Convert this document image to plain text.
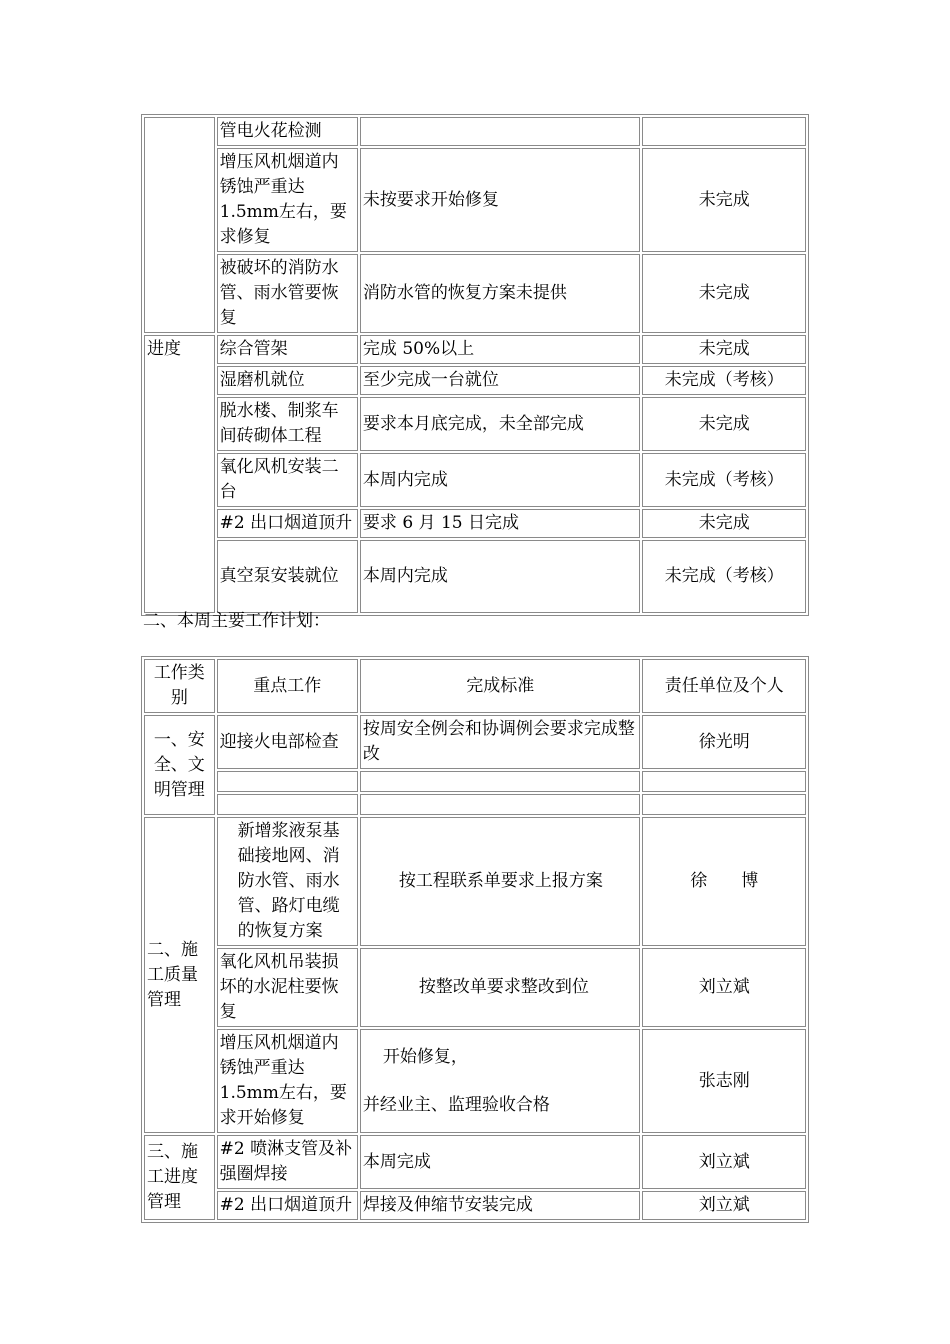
	管电火花检测		
	增压风机烟道内锈蚀严重达1.5mm左右，要求修复	未按要求开始修复	未完成
	被破坏的消防水管、雨水管要恢复	消防水管的恢复方案未提供	未完成
进度	综合管架	完成 50%以上	未完成
	湿磨机就位	至少完成一台就位	未完成（考核）
	脱水楼、制浆车间砖砌体工程	要求本月底完成，未全部完成	未完成
	氧化风机安装二台	本周内完成	未完成（考核）
	#2 出口烟道顶升	要求 6 月 15 日完成	未完成
	真空泵安装就位	本周内完成	未完成（考核）
二、本周主要工作计划：
工作类别	重点工作	完成标准	责任单位及个人
一、安全、文明管理	迎接火电部检查	按周安全例会和协调例会要求完成整改	徐光明

二、施工质量管理	新增浆液泵基础接地网、消防水管、雨水管、路灯电缆的恢复方案	按工程联系单要求上报方案	徐　　博
	氧化风机吊装损坏的水泥柱要恢复	按整改单要求整改到位	刘立斌
	增压风机烟道内锈蚀严重达1.5mm左右，要求开始修复	开始修复，
并经业主、监理验收合格	张志刚
三、施工进度管理	#2 喷淋支管及补强圈焊接	本周完成	刘立斌
	#2 出口烟道顶升	焊接及伸缩节安装完成	刘立斌
